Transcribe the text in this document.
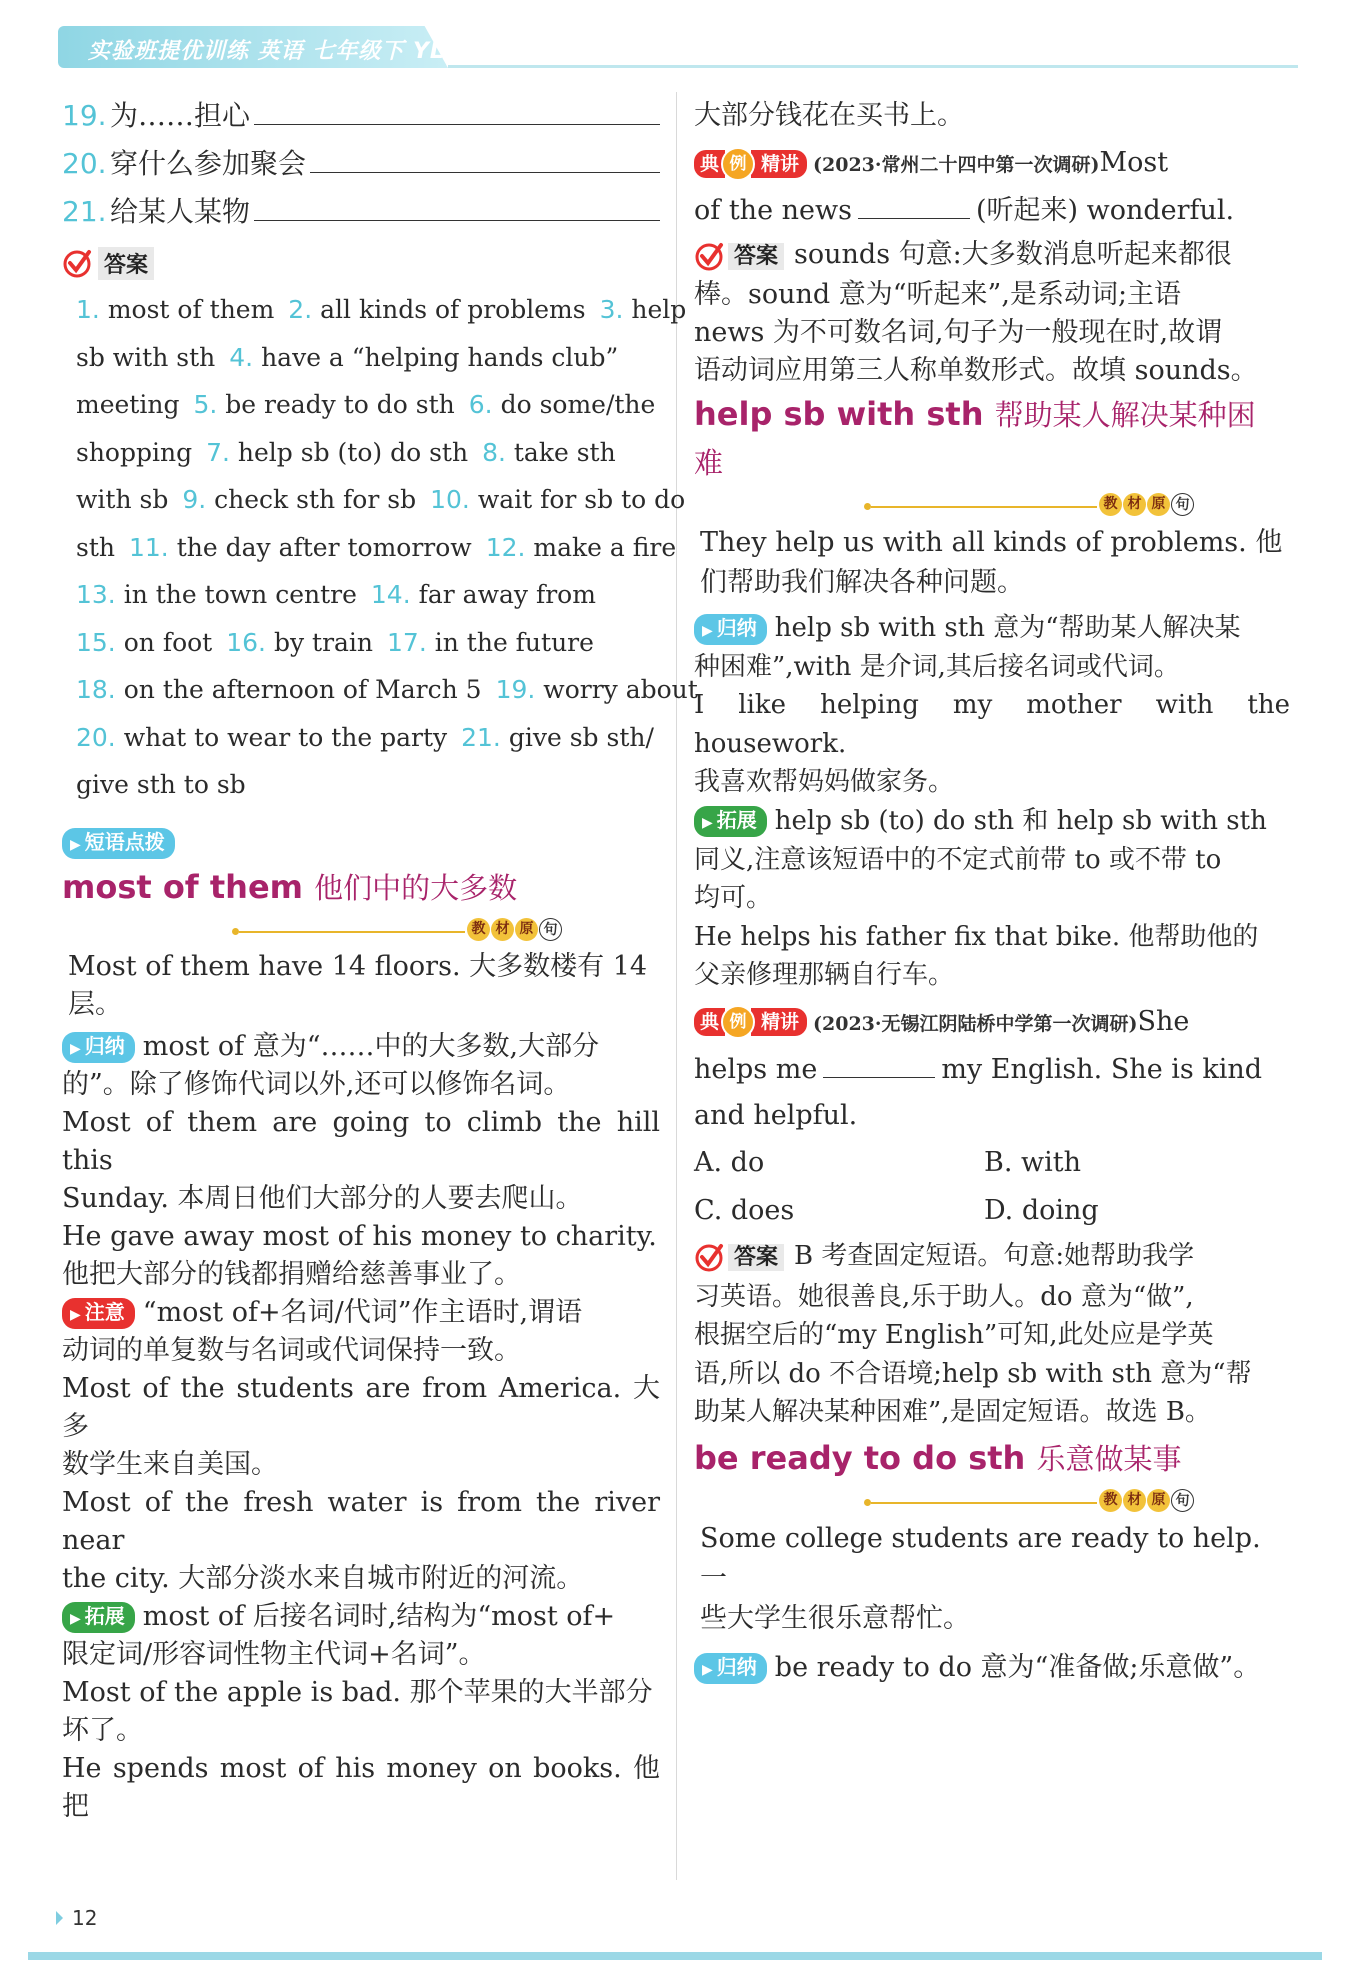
实验班提优训练 英语 七年级下 YL
19. 为……担心
20. 穿什么参加聚会
21. 给某人某物
答案
1. most of them 2. all kinds of problems 3. help
sb with sth 4. have a “helping hands club”
meeting 5. be ready to do sth 6. do some/the
shopping 7. help sb (to) do sth 8. take sth
with sb 9. check sth for sb 10. wait for sb to do
sth 11. the day after tomorrow 12. make a fire
13. in the town centre 14. far away from
15. on foot 16. by train 17. in the future
18. on the afternoon of March 5 19. worry about
20. what to wear to the party 21. give sb sth/
give sth to sb
▶ 短语点拨
most of them 他们中的大多数
教 材 原 句
Most of them have 14 floors. 大多数楼有 14
层。
▶ 归纳 most of 意为“……中的大多数,大部分
的”。除了修饰代词以外,还可以修饰名词。
Most of them are going to climb the hill this
Sunday. 本周日他们大部分的人要去爬山。
He gave away most of his money to charity.
他把大部分的钱都捐赠给慈善事业了。
▶ 注意 “most of+名词/代词”作主语时,谓语
动词的单复数与名词或代词保持一致。
Most of the students are from America. 大多
数学生来自美国。
Most of the fresh water is from the river near
the city. 大部分淡水来自城市附近的河流。
▶ 拓展 most of 后接名词时,结构为“most of+
限定词/形容词性物主代词+名词”。
Most of the apple is bad. 那个苹果的大半部分
坏了。
He spends most of his money on books. 他把
大部分钱花在买书上。
典 例 精讲 (2023·常州二十四中第一次调研)Most
of the news	(听起来) wonderful.
答案 sounds 句意:大多数消息听起来都很
棒。sound 意为“听起来”,是系动词;主语
news 为不可数名词,句子为一般现在时,故谓
语动词应用第三人称单数形式。故填 sounds。
help sb with sth 帮助某人解决某种困
难
教 材 原 句
They help us with all kinds of problems. 他
们帮助我们解决各种问题。
▶ 归纳 help sb with sth 意为“帮助某人解决某
种困难”,with 是介词,其后接名词或代词。
I like helping my mother with the housework.
我喜欢帮妈妈做家务。
▶ 拓展 help sb (to) do sth 和 help sb with sth
同义,注意该短语中的不定式前带 to 或不带 to
均可。
He helps his father fix that bike. 他帮助他的
父亲修理那辆自行车。
典 例 精讲 (2023·无锡江阴陆桥中学第一次调研)She
helps me	my English. She is kind
and helpful.
A. do	B. with
C. does	D. doing
答案 B 考查固定短语。句意:她帮助我学
习英语。她很善良,乐于助人。do 意为“做”,
根据空后的“my English”可知,此处应是学英
语,所以 do 不合语境;help sb with sth 意为“帮
助某人解决某种困难”,是固定短语。故选 B。
be ready to do sth 乐意做某事
教 材 原 句
Some college students are ready to help. 一
些大学生很乐意帮忙。
▶ 归纳 be ready to do 意为“准备做;乐意做”。
12
